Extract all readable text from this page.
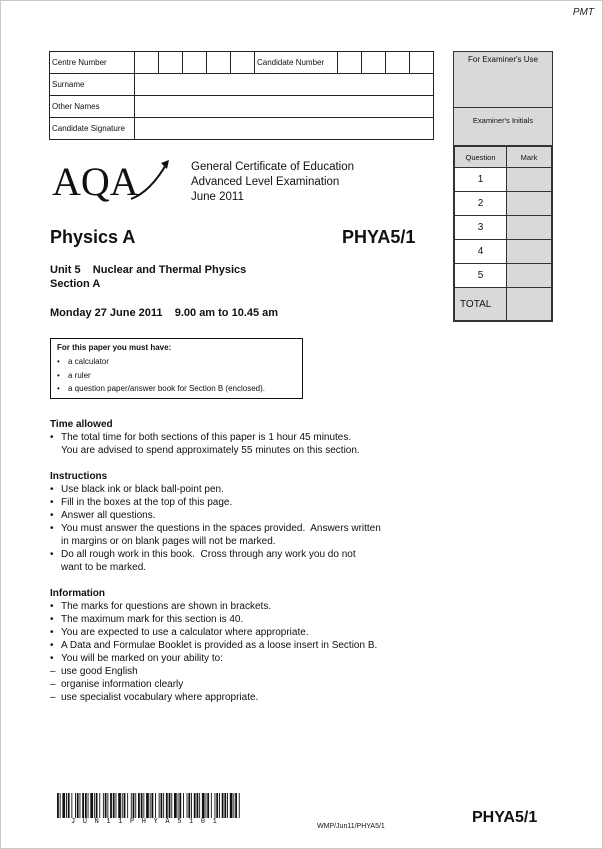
PMT
Centre Number						Candidate Number				
Surname										
Other Names										
Candidate Signature										
For Examiner's Use
Examiner's Initials
Question	Mark
1	
2	
3	
4	
5	
TOTAL	
AQA	General Certificate of Education
Advanced Level Examination
June 2011
Physics A	PHYA5/1
Unit 5    Nuclear and Thermal Physics
Section A
Monday 27 June 2011    9.00 am to 10.45 am
For this paper you must have:
•	a calculator
•	a ruler
•	a question paper/answer book for Section B (enclosed).
Time allowed
• The total time for both sections of this paper is 1 hour 45 minutes.
You are advised to spend approximately 55 minutes on this section.
Instructions
• Use black ink or black ball-point pen.
• Fill in the boxes at the top of this page.
• Answer all questions.
• You must answer the questions in the spaces provided.  Answers written
in margins or on blank pages will not be marked.
• Do all rough work in this book.  Cross through any work you do not
want to be marked.
Information
• The marks for questions are shown in brackets.
• The maximum mark for this section is 40.
• You are expected to use a calculator where appropriate.
• A Data and Formulae Booklet is provided as a loose insert in Section B.
• You will be marked on your ability to:
– use good English
– organise information clearly
– use specialist vocabulary where appropriate.
JUN11PHYA5101
WMP/Jun11/PHYA5/1
PHYA5/1
